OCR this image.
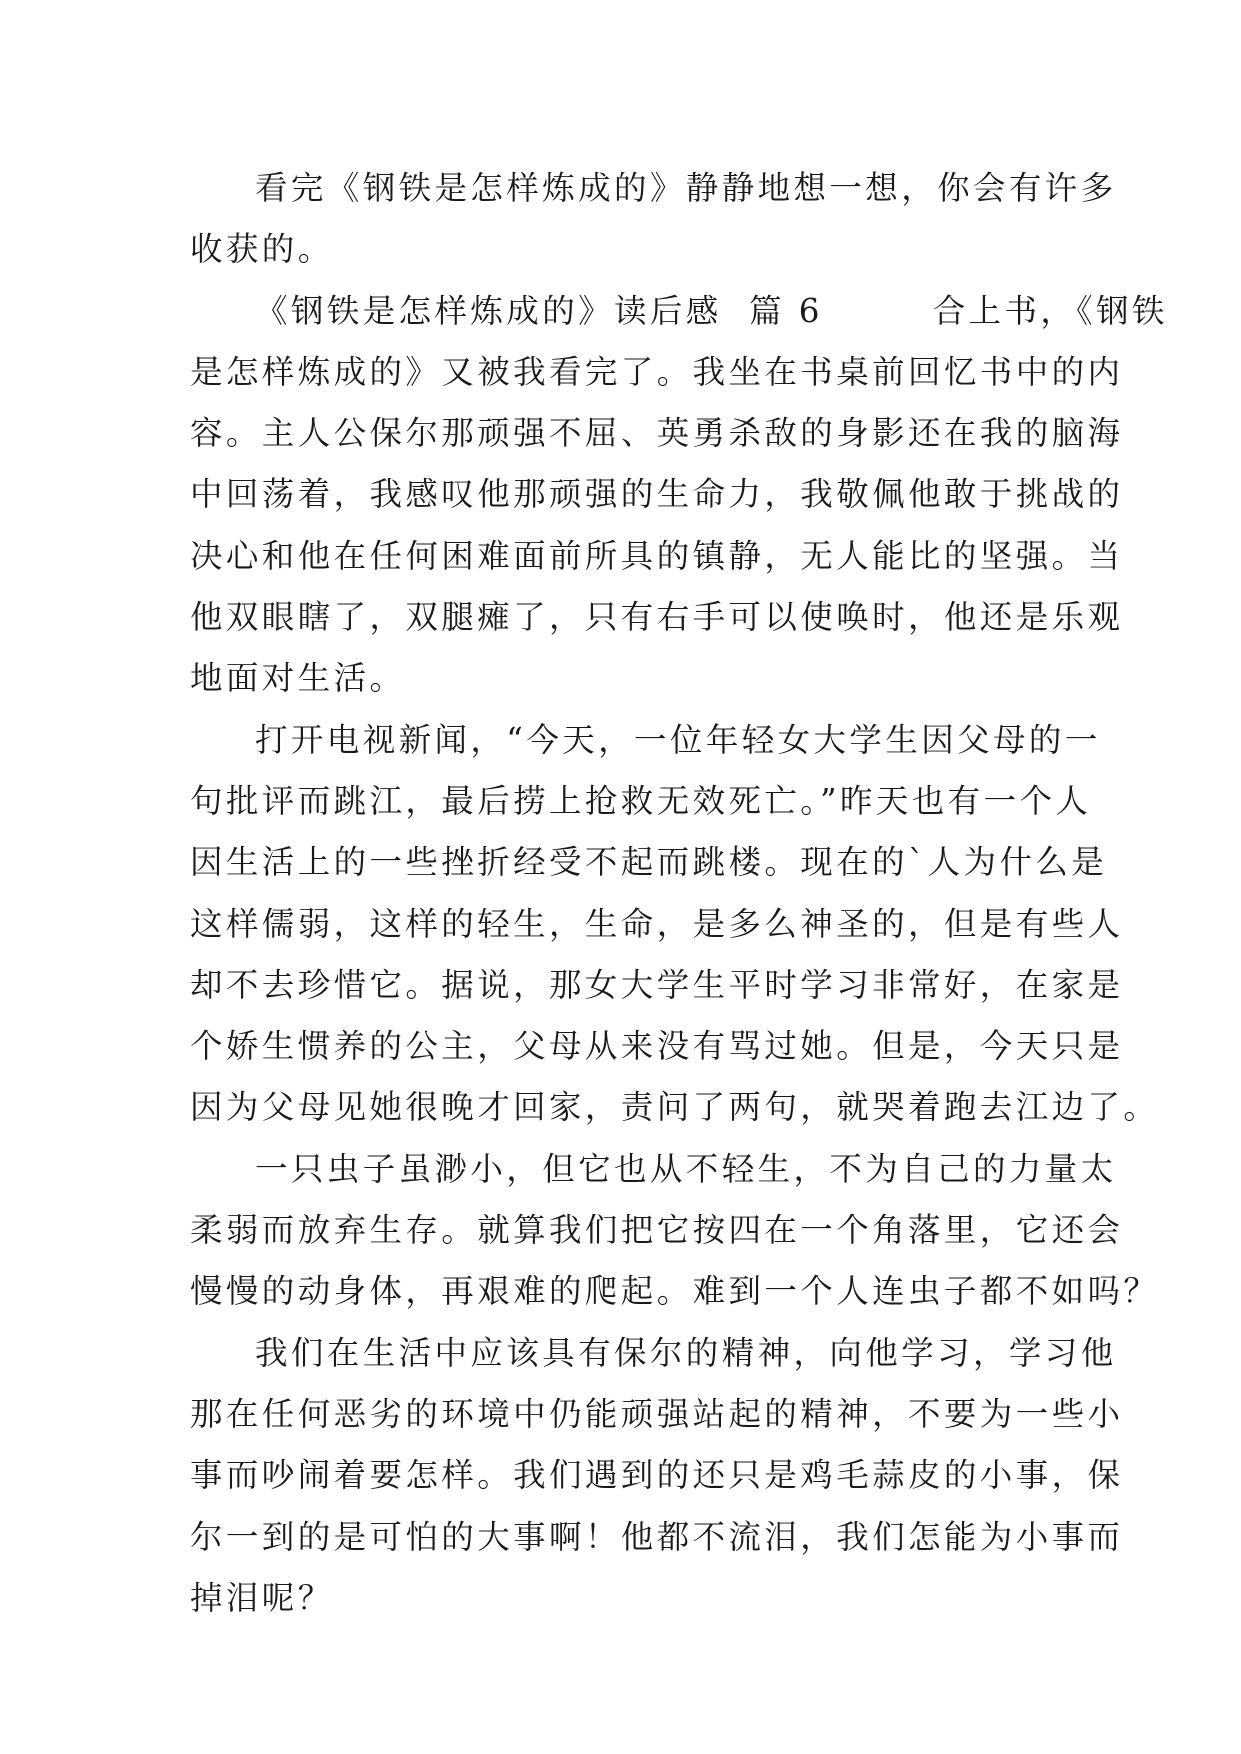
看完《钢铁是怎样炼成的》静静地想一想，你会有许多
收获的。

《钢铁是怎样炼成的》读后感  篇 6        合上书，《钢铁
是怎样炼成的》又被我看完了。我坐在书桌前回忆书中的内
容。主人公保尔那顽强不屈、英勇杀敌的身影还在我的脑海
中回荡着，我感叹他那顽强的生命力，我敬佩他敢于挑战的
决心和他在任何困难面前所具的镇静，无人能比的坚强。当
他双眼瞎了，双腿瘫了，只有右手可以使唤时，他还是乐观
地面对生活。

打开电视新闻，“今天，一位年轻女大学生因父母的一
句批评而跳江，最后捞上抢救无效死亡。”昨天也有一个人
因生活上的一些挫折经受不起而跳楼。现在的`人为什么是
这样儒弱，这样的轻生，生命，是多么神圣的，但是有些人
却不去珍惜它。据说，那女大学生平时学习非常好，在家是
个娇生惯养的公主，父母从来没有骂过她。但是，今天只是
因为父母见她很晚才回家，责问了两句，就哭着跑去江边了。

一只虫子虽渺小，但它也从不轻生，不为自己的力量太
柔弱而放弃生存。就算我们把它按四在一个角落里，它还会
慢慢的动身体，再艰难的爬起。难到一个人连虫子都不如吗？

我们在生活中应该具有保尔的精神，向他学习，学习他
那在任何恶劣的环境中仍能顽强站起的精神，不要为一些小
事而吵闹着要怎样。我们遇到的还只是鸡毛蒜皮的小事，保
尔一到的是可怕的大事啊！他都不流泪，我们怎能为小事而
掉泪呢？
